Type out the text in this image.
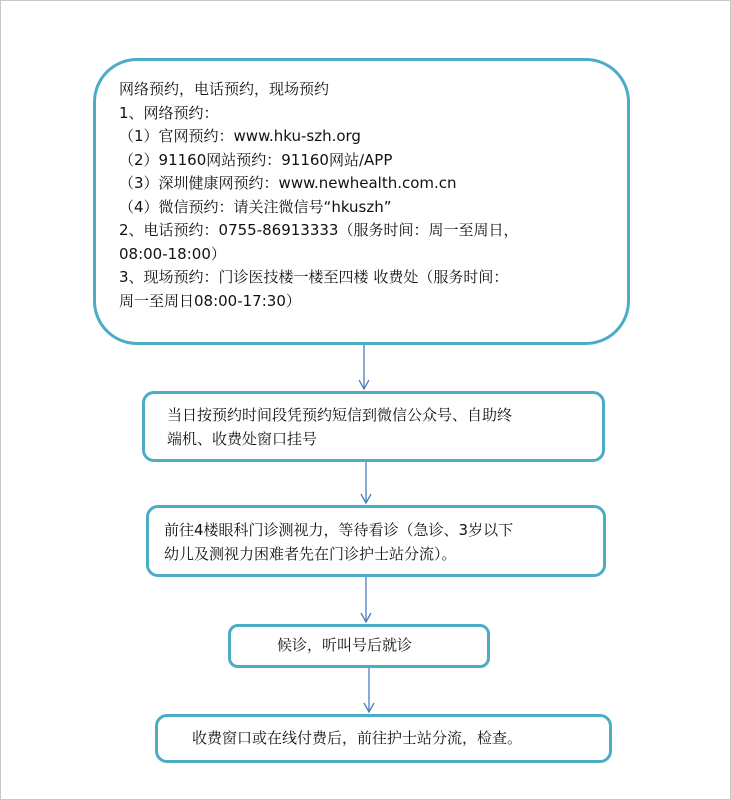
网络预约，电话预约，现场预约
1、网络预约：
（1）官网预约：www.hku-szh.org
（2）91160网站预约：91160网站/APP
（3）深圳健康网预约：www.newhealth.com.cn
（4）微信预约：请关注微信号“hkuszh”
2、电话预约：0755-86913333（服务时间：周一至周日，
08:00-18:00）
3、现场预约：门诊医技楼一楼至四楼 收费处（服务时间：
周一至周日08:00-17:30）
当日按预约时间段凭预约短信到微信公众号、自助终
端机、收费处窗口挂号
前往4楼眼科门诊测视力，等待看诊（急诊、3岁以下
幼儿及测视力困难者先在门诊护士站分流）。
候诊，听叫号后就诊
收费窗口或在线付费后，前往护士站分流，检查。
